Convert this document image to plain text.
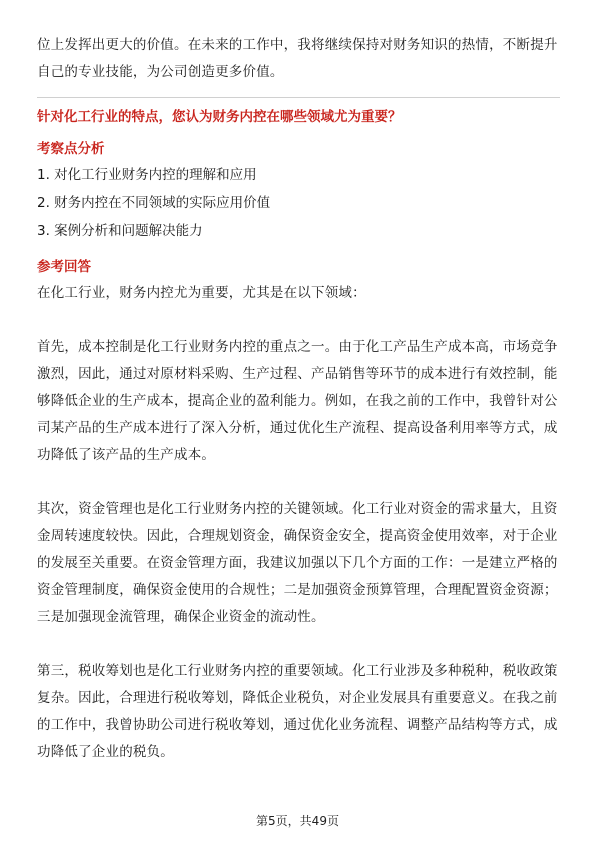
位上发挥出更大的价值。在未来的工作中，我将继续保持对财务知识的热情，不断提升自己的专业技能，为公司创造更多价值。

针对化工行业的特点，您认为财务内控在哪些领域尤为重要？

考察点分析

1. 对化工行业财务内控的理解和应用
2. 财务内控在不同领域的实际应用价值
3. 案例分析和问题解决能力

参考回答

在化工行业，财务内控尤为重要，尤其是在以下领域：

首先，成本控制是化工行业财务内控的重点之一。由于化工产品生产成本高，市场竞争激烈，因此，通过对原材料采购、生产过程、产品销售等环节的成本进行有效控制，能够降低企业的生产成本，提高企业的盈利能力。例如，在我之前的工作中，我曾针对公司某产品的生产成本进行了深入分析，通过优化生产流程、提高设备利用率等方式，成功降低了该产品的生产成本。

其次，资金管理也是化工行业财务内控的关键领域。化工行业对资金的需求量大，且资金周转速度较快。因此，合理规划资金，确保资金安全，提高资金使用效率，对于企业的发展至关重要。在资金管理方面，我建议加强以下几个方面的工作：一是建立严格的资金管理制度，确保资金使用的合规性；二是加强资金预算管理，合理配置资金资源；三是加强现金流管理，确保企业资金的流动性。

第三，税收筹划也是化工行业财务内控的重要领域。化工行业涉及多种税种，税收政策复杂。因此，合理进行税收筹划，降低企业税负，对企业发展具有重要意义。在我之前的工作中，我曾协助公司进行税收筹划，通过优化业务流程、调整产品结构等方式，成功降低了企业的税负。

第5页，共49页
